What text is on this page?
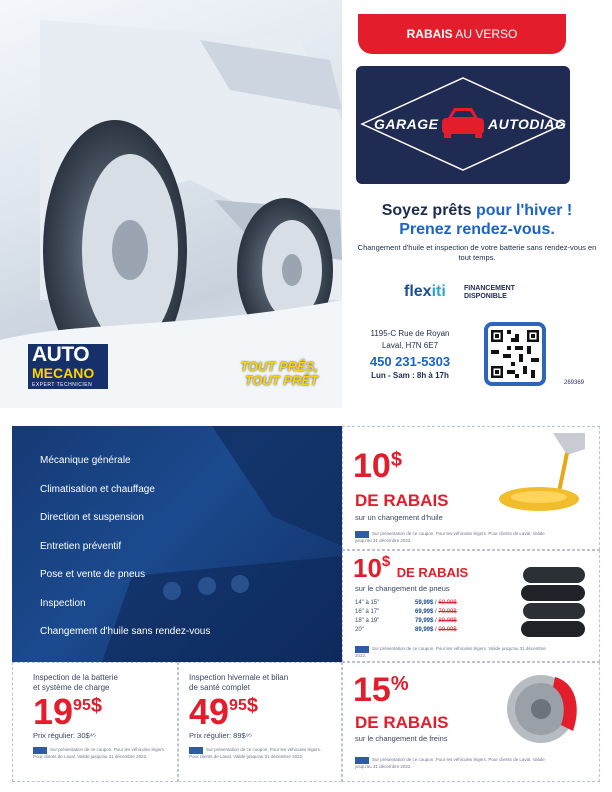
AUTO
MECANO
EXPERT TECHNICIEN
TOUT PRÊS,
TOUT PRÊT
RABAIS AU VERSO
GARAGE	AUTODIAG
Soyez prêts pour l'hiver !
Prenez rendez-vous.
Changement d'huile et inspection de votre batterie sans rendez-vous en tout temps.
flexiti	FINANCEMENT
DISPONIBLE
1195-C Rue de Royan
Laval, H7N 6E7
450 231-5303
Lun - Sam : 8h à 17h
269369
Mécanique générale
Climatisation et chauffage
Direction et suspension
Entretien préventif
Pose et vente de pneus
Inspection
Changement d'huile sans rendez-vous
10$
DE RABAIS
sur un changement d'huile
Sur présentation de ce coupon. Pour les véhicules légers. Pour clients de Laval. Valide jusqu'au 31 décembre 2022.
10$ DE RABAIS
sur le changement de pneus
14" à 15"	59,99$ / 69,99$
16" à 17"	69,99$ / 79,99$
18" à 19"	79,99$ / 89,99$
20"	89,99$ / 99,99$
Sur présentation de ce coupon. Pour les véhicules légers. Valide jusqu'au 31 décembre 2022.
15%
DE RABAIS
sur le changement de freins
Sur présentation de ce coupon. Pour les véhicules légers. Pour clients de Laval. Valide jusqu'au 31 décembre 2022.
Inspection de la batterie
et système de charge
1995$
Prix régulier: 30$⁴⁵
Sur présentation de ce coupon. Pour les véhicules légers. Pour clients de Laval. Valide jusqu'au 31 décembre 2022.
Inspection hivernale et bilan
de santé complet
4995$
Prix régulier: 89$⁹⁵
Sur présentation de ce coupon. Pour les véhicules légers. Pour clients de Laval. Valide jusqu'au 31 décembre 2022.
